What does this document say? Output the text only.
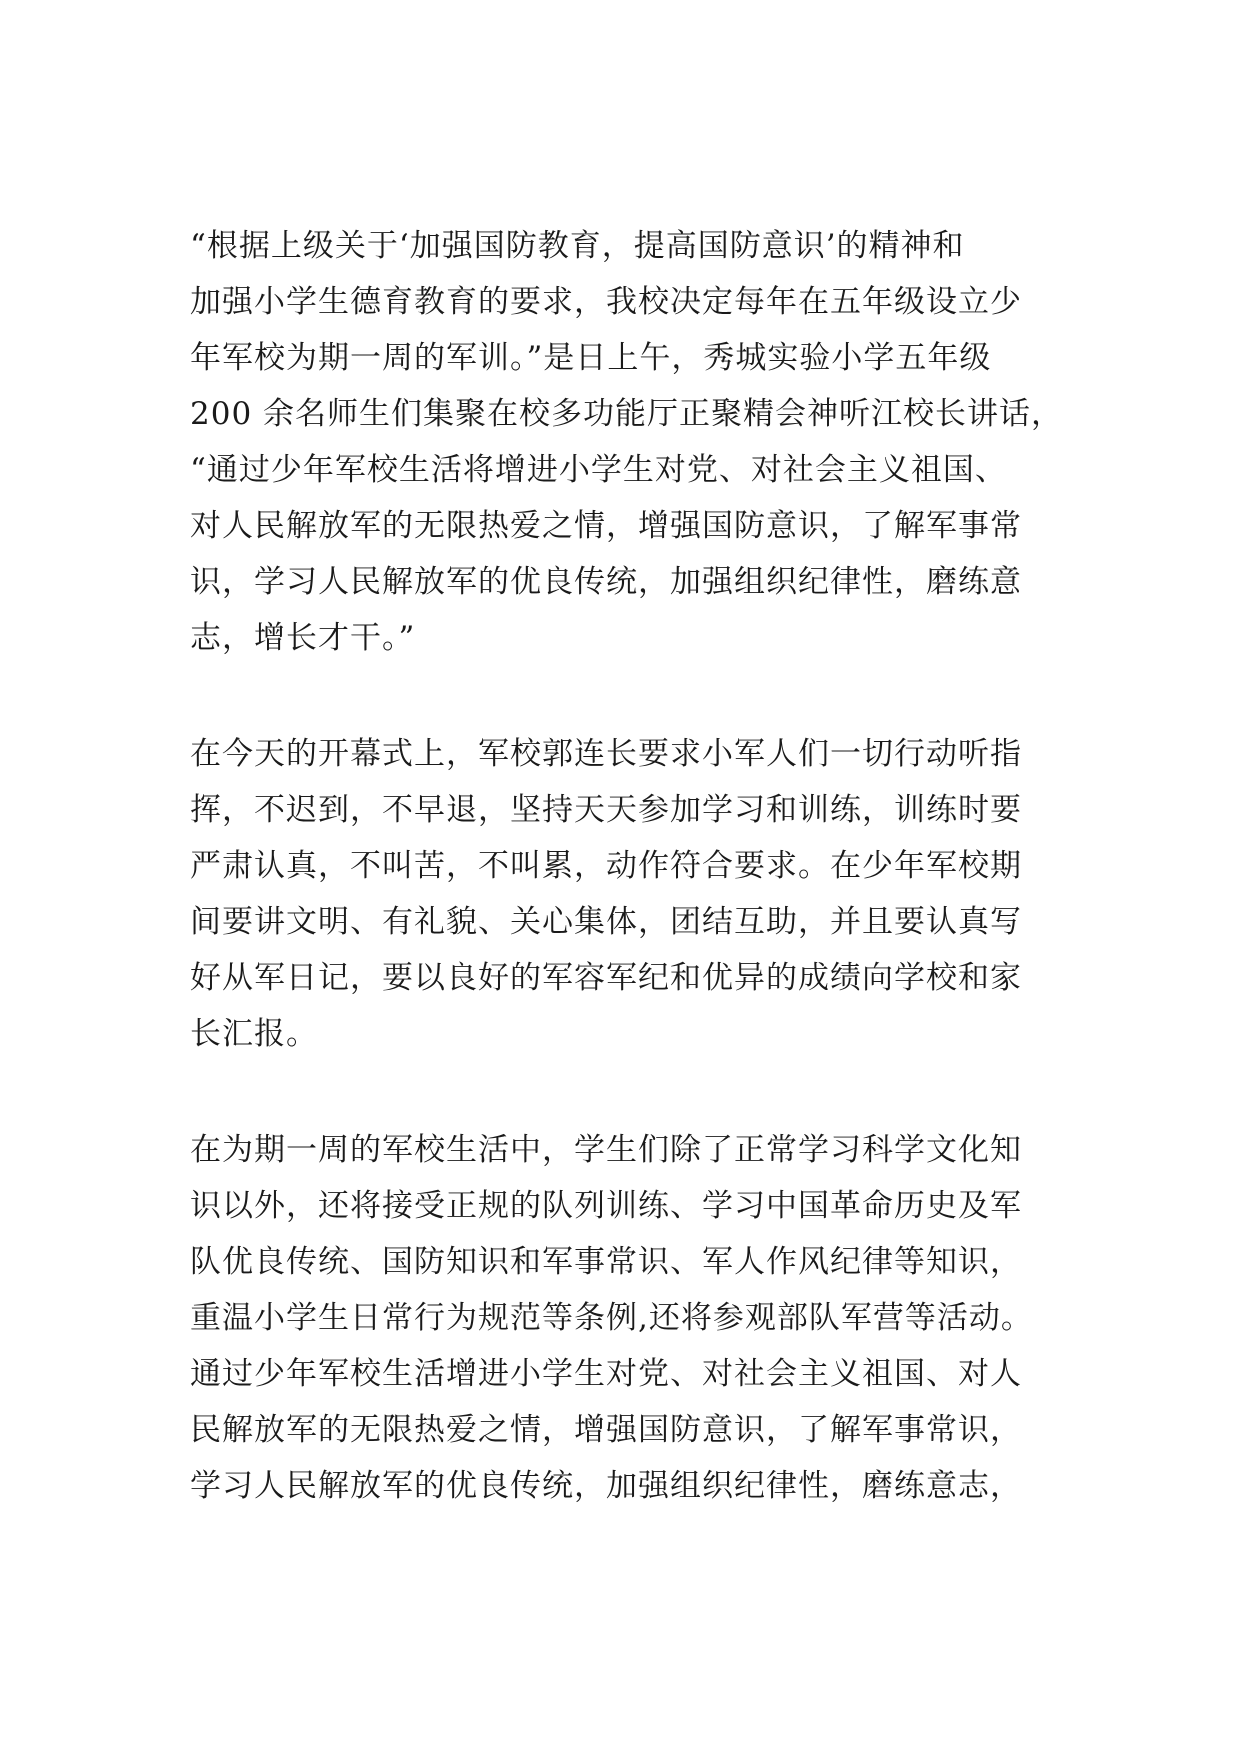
“根据上级关于‘加强国防教育，提高国防意识’的精神和
加强小学生德育教育的要求，我校决定每年在五年级设立少
年军校为期一周的军训。”是日上午，秀城实验小学五年级
200 余名师生们集聚在校多功能厅正聚精会神听江校长讲话，
“通过少年军校生活将增进小学生对党、对社会主义祖国、
对人民解放军的无限热爱之情，增强国防意识，了解军事常
识，学习人民解放军的优良传统，加强组织纪律性，磨练意
志，增长才干。”
在今天的开幕式上，军校郭连长要求小军人们一切行动听指
挥，不迟到，不早退，坚持天天参加学习和训练，训练时要
严肃认真，不叫苦，不叫累，动作符合要求。在少年军校期
间要讲文明、有礼貌、关心集体，团结互助，并且要认真写
好从军日记，要以良好的军容军纪和优异的成绩向学校和家
长汇报。
在为期一周的军校生活中，学生们除了正常学习科学文化知
识以外，还将接受正规的队列训练、学习中国革命历史及军
队优良传统、国防知识和军事常识、军人作风纪律等知识，
重温小学生日常行为规范等条例,还将参观部队军营等活动。
通过少年军校生活增进小学生对党、对社会主义祖国、对人
民解放军的无限热爱之情，增强国防意识，了解军事常识，
学习人民解放军的优良传统，加强组织纪律性，磨练意志，
